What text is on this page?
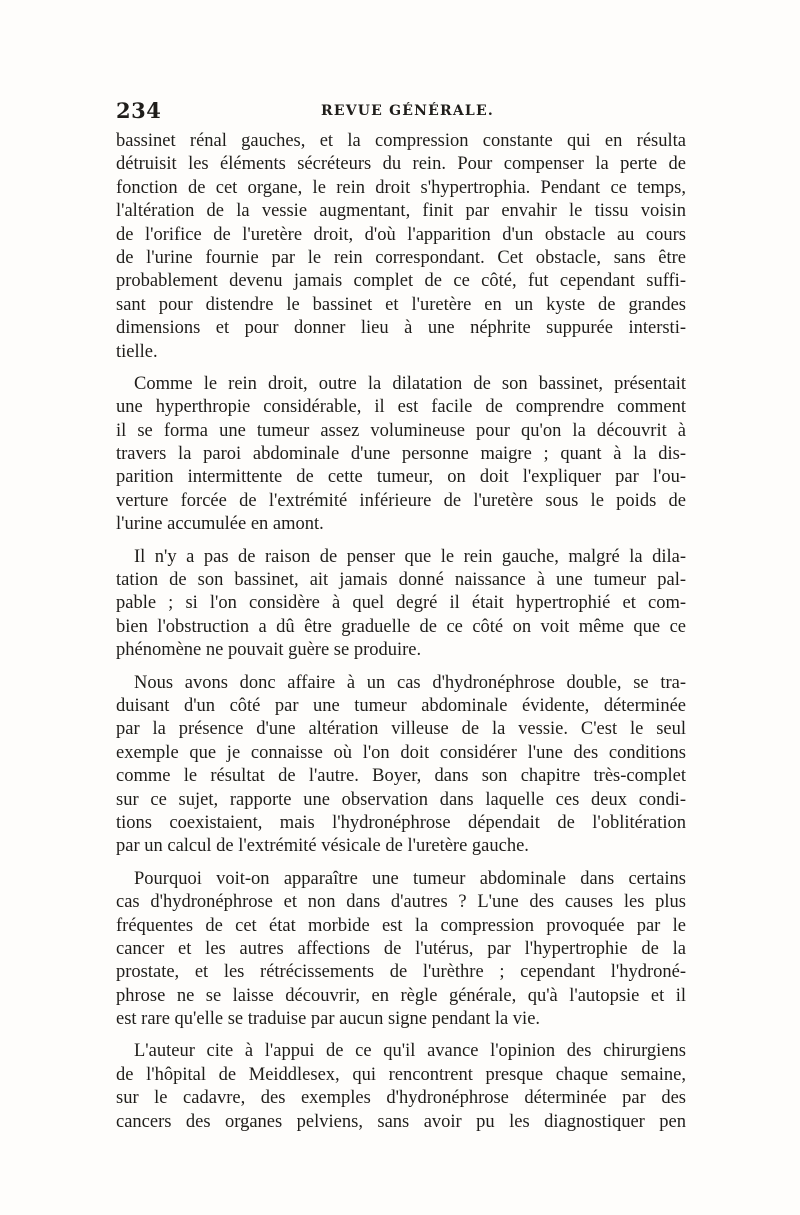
234	REVUE GÉNÉRALE.
bassinet rénal gauches, et la compression constante qui en résulta
détruisit les éléments sécréteurs du rein. Pour compenser la perte de
fonction de cet organe, le rein droit s'hypertrophia. Pendant ce temps,
l'altération de la vessie augmentant, finit par envahir le tissu voisin
de l'orifice de l'uretère droit, d'où l'apparition d'un obstacle au cours
de l'urine fournie par le rein correspondant. Cet obstacle, sans être
probablement devenu jamais complet de ce côté, fut cependant suffi-
sant pour distendre le bassinet et l'uretère en un kyste de grandes
dimensions et pour donner lieu à une néphrite suppurée intersti-
tielle.
Comme le rein droit, outre la dilatation de son bassinet, présentait
une hyperthropie considérable, il est facile de comprendre comment
il se forma une tumeur assez volumineuse pour qu'on la découvrit à
travers la paroi abdominale d'une personne maigre ; quant à la dis-
parition intermittente de cette tumeur, on doit l'expliquer par l'ou-
verture forcée de l'extrémité inférieure de l'uretère sous le poids de
l'urine accumulée en amont.
Il n'y a pas de raison de penser que le rein gauche, malgré la dila-
tation de son bassinet, ait jamais donné naissance à une tumeur pal-
pable ; si l'on considère à quel degré il était hypertrophié et com-
bien l'obstruction a dû être graduelle de ce côté on voit même que ce
phénomène ne pouvait guère se produire.
Nous avons donc affaire à un cas d'hydronéphrose double, se tra-
duisant d'un côté par une tumeur abdominale évidente, déterminée
par la présence d'une altération villeuse de la vessie. C'est le seul
exemple que je connaisse où l'on doit considérer l'une des conditions
comme le résultat de l'autre. Boyer, dans son chapitre très-complet
sur ce sujet, rapporte une observation dans laquelle ces deux condi-
tions coexistaient, mais l'hydronéphrose dépendait de l'oblitération
par un calcul de l'extrémité vésicale de l'uretère gauche.
Pourquoi voit-on apparaître une tumeur abdominale dans certains
cas d'hydronéphrose et non dans d'autres ? L'une des causes les plus
fréquentes de cet état morbide est la compression provoquée par le
cancer et les autres affections de l'utérus, par l'hypertrophie de la
prostate, et les rétrécissements de l'urèthre ; cependant l'hydroné-
phrose ne se laisse découvrir, en règle générale, qu'à l'autopsie et il
est rare qu'elle se traduise par aucun signe pendant la vie.
L'auteur cite à l'appui de ce qu'il avance l'opinion des chirurgiens
de l'hôpital de Meiddlesex, qui rencontrent presque chaque semaine,
sur le cadavre, des exemples d'hydronéphrose déterminée par des
cancers des organes pelviens, sans avoir pu les diagnostiquer pen
